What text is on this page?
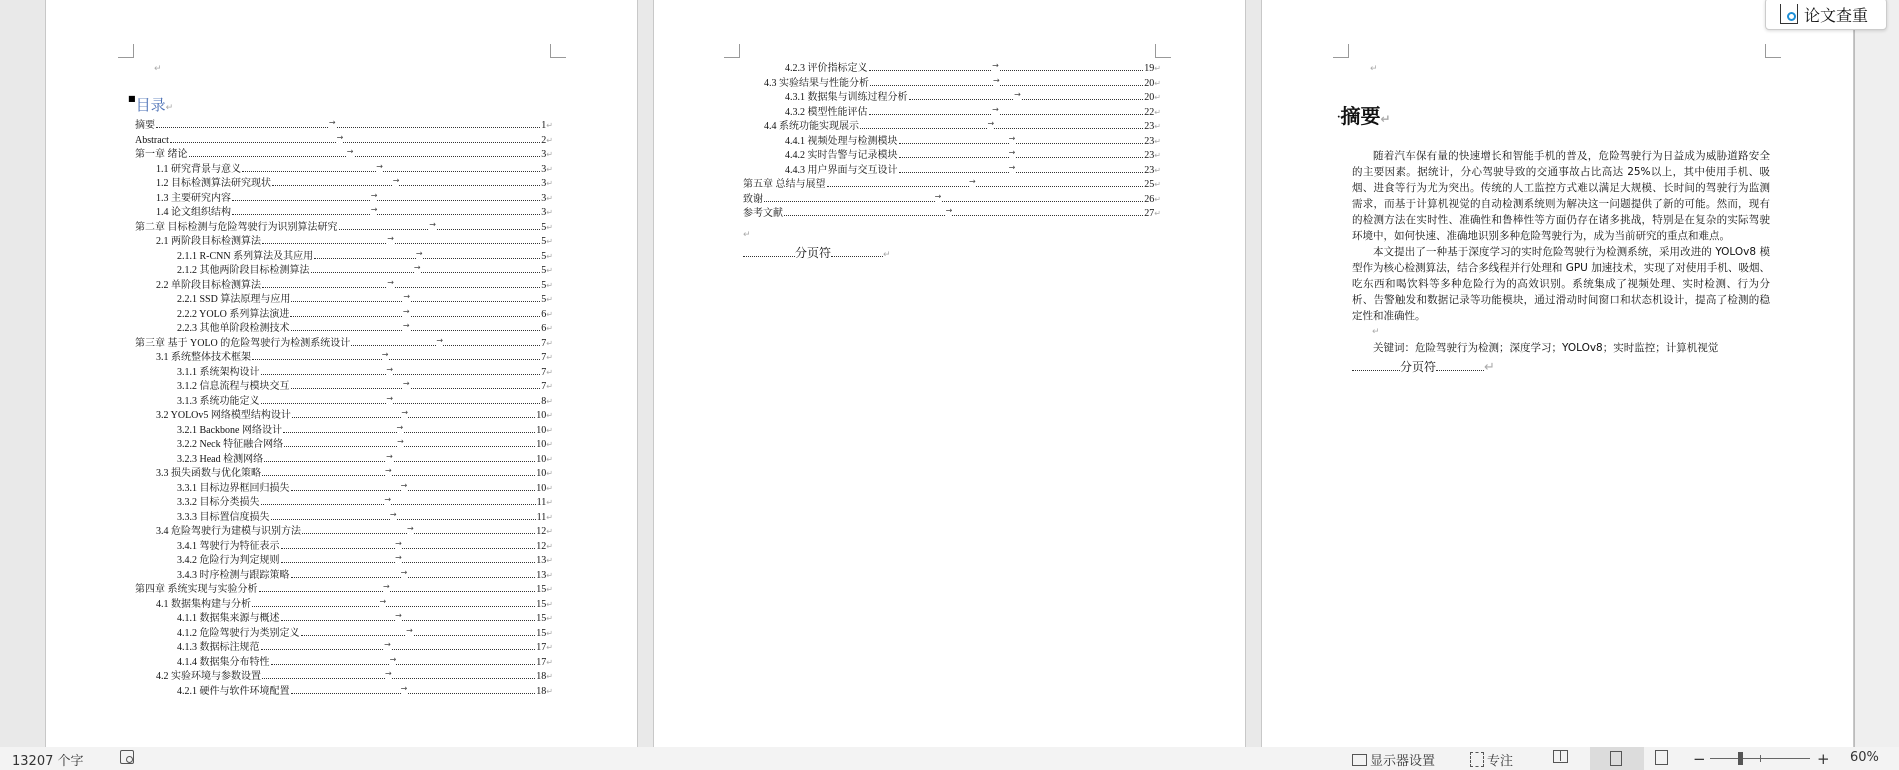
↵
■目录↵
摘要	→	1 ↵
Abstract	→	2 ↵
第一章 绪论	→	3 ↵
1.1 研究背景与意义	→	3 ↵
1.2 目标检测算法研究现状	→	3 ↵
1.3 主要研究内容	→	3 ↵
1.4 论文组织结构	→	3 ↵
第二章 目标检测与危险驾驶行为识别算法研究	→	5 ↵
2.1 两阶段目标检测算法	→	5 ↵
2.1.1 R-CNN 系列算法及其应用	→	5 ↵
2.1.2 其他两阶段目标检测算法	→	5 ↵
2.2 单阶段目标检测算法	→	5 ↵
2.2.1 SSD 算法原理与应用	→	5 ↵
2.2.2 YOLO 系列算法演进	→	6 ↵
2.2.3 其他单阶段检测技术	→	6 ↵
第三章 基于 YOLO 的危险驾驶行为检测系统设计	→	7 ↵
3.1 系统整体技术框架	→	7 ↵
3.1.1 系统架构设计	→	7 ↵
3.1.2 信息流程与模块交互	→	7 ↵
3.1.3 系统功能定义	→	8 ↵
3.2 YOLOv5 网络模型结构设计	→	10 ↵
3.2.1 Backbone 网络设计	→	10 ↵
3.2.2 Neck 特征融合网络	→	10 ↵
3.2.3 Head 检测网络	→	10 ↵
3.3 损失函数与优化策略	→	10 ↵
3.3.1 目标边界框回归损失	→	10 ↵
3.3.2 目标分类损失	→	11 ↵
3.3.3 目标置信度损失	→	11 ↵
3.4 危险驾驶行为建模与识别方法	→	12 ↵
3.4.1 驾驶行为特征表示	→	12 ↵
3.4.2 危险行为判定规则	→	13 ↵
3.4.3 时序检测与跟踪策略	→	13 ↵
第四章 系统实现与实验分析	→	15 ↵
4.1 数据集构建与分析	→	15 ↵
4.1.1 数据集来源与概述	→	15 ↵
4.1.2 危险驾驶行为类别定义	→	15 ↵
4.1.3 数据标注规范	→	17 ↵
4.1.4 数据集分布特性	→	17 ↵
4.2 实验环境与参数设置	→	18 ↵
4.2.1 硬件与软件环境配置	→	18 ↵
4.2.3 评价指标定义	→	19 ↵
4.3 实验结果与性能分析	→	20 ↵
4.3.1 数据集与训练过程分析	→	20 ↵
4.3.2 模型性能评估	→	22 ↵
4.4 系统功能实现展示	→	23 ↵
4.4.1 视频处理与检测模块	→	23 ↵
4.4.2 实时告警与记录模块	→	23 ↵
4.4.3 用户界面与交互设计	→	23 ↵
第五章 总结与展望	→	25 ↵
致谢	→	26 ↵
参考文献	→	27 ↵
↵
分页符	↵
↵
·摘要↵

随着汽车保有量的快速增长和智能手机的普及，危险驾驶行为日益成为威胁道路安全的主要因素。据统计，分心驾驶导致的交通事故占比高达 25%以上，其中使用手机、吸烟、进食等行为尤为突出。传统的人工监控方式难以满足大规模、长时间的驾驶行为监测需求，而基于计算机视觉的自动检测系统则为解决这一问题提供了新的可能。然而，现有的检测方法在实时性、准确性和鲁棒性等方面仍存在诸多挑战，特别是在复杂的实际驾驶环境中，如何快速、准确地识别多种危险驾驶行为，成为当前研究的重点和难点。

本文提出了一种基于深度学习的实时危险驾驶行为检测系统，采用改进的 YOLOv8 模型作为核心检测算法，结合多线程并行处理和 GPU 加速技术，实现了对使用手机、吸烟、吃东西和喝饮料等多种危险行为的高效识别。系统集成了视频处理、实时检测、行为分析、告警触发和数据记录等功能模块，通过滑动时间窗口和状态机设计，提高了检测的稳定性和准确性。

↵

关键词：危险驾驶行为检测；深度学习；YOLOv8；实时监控；计算机视觉

分页符	↵
论文查重
13207 个字	显示器设置	专注	−	+ 60%
